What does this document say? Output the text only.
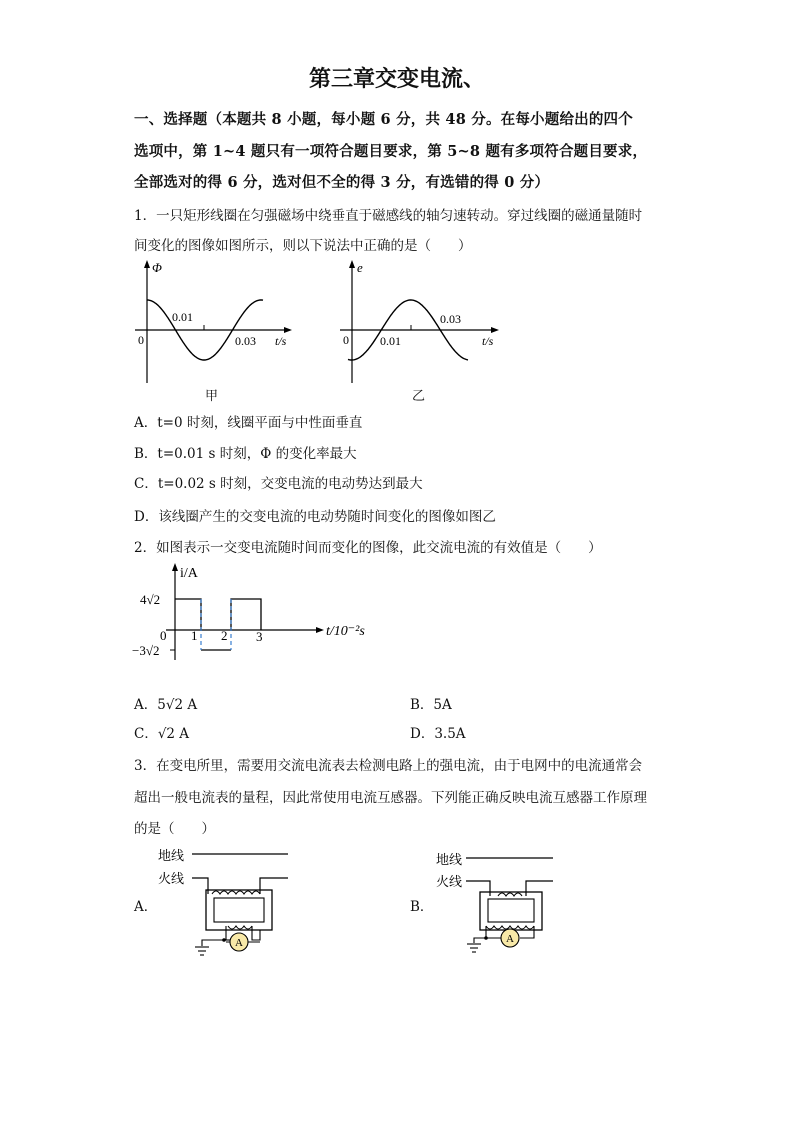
第三章交变电流、
一、选择题（本题共 8 小题，每小题 6 分，共 48 分。在每小题给出的四个
选项中，第 1~4 题只有一项符合题目要求，第 5~8 题有多项符合题目要求，
全部选对的得 6 分，选对但不全的得 3 分，有选错的得 0 分）
1．一只矩形线圈在匀强磁场中绕垂直于磁感线的轴匀速转动。穿过线圈的磁通量随时
间变化的图像如图所示，则以下说法中正确的是（　　）
Φ
0
0.01
0.03 t/s
甲
e
0	0.01
0.03
t/s
乙
A．t=0 时刻，线圈平面与中性面垂直
B．t=0.01 s 时刻，Φ 的变化率最大
C．t=0.02 s 时刻，交变电流的电动势达到最大
D．该线圈产生的交变电流的电动势随时间变化的图像如图乙
2．如图表示一交变电流随时间而变化的图像，此交流电流的有效值是（　　）
i/A
4√2
−3√2
0 1 2 3	t/10⁻²s
A．5√2 A	B．5A
C．√2 A	D．3.5A
3．在变电所里，需要用交流电流表去检测电路上的强电流，由于电网中的电流通常会
超出一般电流表的量程，因此常使用电流互感器。下列能正确反映电流互感器工作原理
的是（　　）
A．
地线
火线
A
B．
地线
火线
A
